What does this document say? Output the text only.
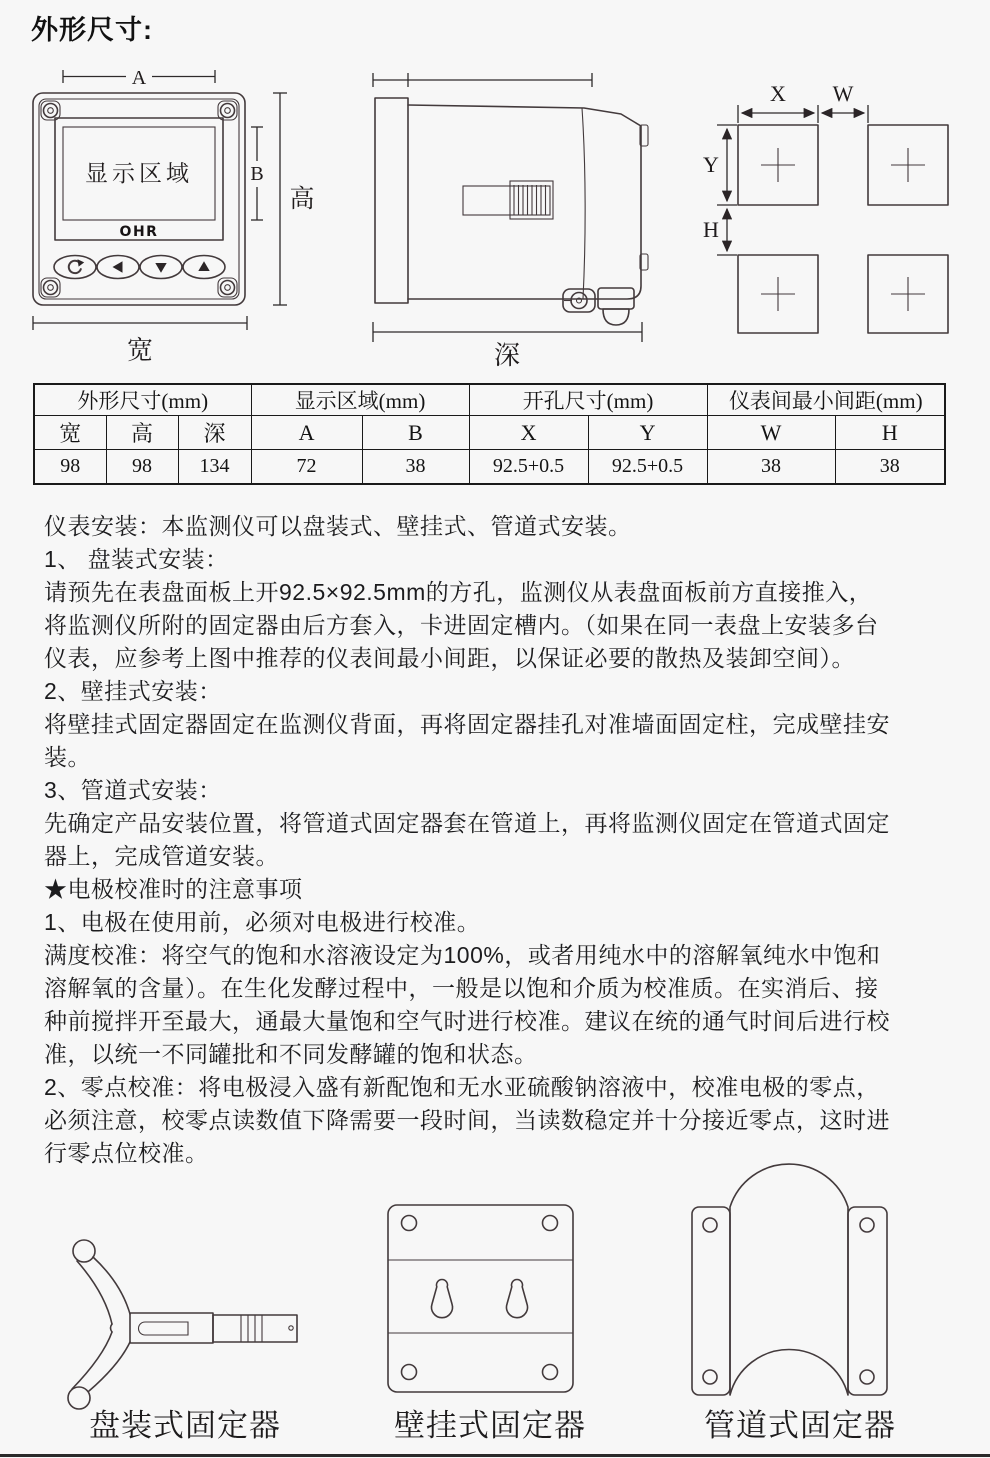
外形尺寸:
A
显示区域
OHR
B
高
宽	深
X W
Y
H
外形尺寸(mm)			显示区域(mm)		开孔尺寸(mm)		仪表间最小间距(mm)	
宽	高	深	A	B	X	Y	W	H
98	98	134	72	38	92.5+0.5	92.5+0.5	38	38
仪表安装：本监测仪可以盘装式、壁挂式、管道式安装。
1、 盘装式安装：
请预先在表盘面板上开92.5×92.5mm的方孔，监测仪从表盘面板前方直接推入，
将监测仪所附的固定器由后方套入，卡进固定槽内。（如果在同一表盘上安装多台
仪表，应参考上图中推荐的仪表间最小间距，以保证必要的散热及装卸空间）。
2、壁挂式安装：
将壁挂式固定器固定在监测仪背面，再将固定器挂孔对准墙面固定柱，完成壁挂安
装。
3、管道式安装：
先确定产品安装位置，将管道式固定器套在管道上，再将监测仪固定在管道式固定
器上，完成管道安装。
★电极校准时的注意事项
1、电极在使用前，必须对电极进行校准。
满度校准：将空气的饱和水溶液设定为100%，或者用纯水中的溶解氧纯水中饱和
溶解氧的含量）。在生化发酵过程中，一般是以饱和介质为校准质。在实消后、接
种前搅拌开至最大，通最大量饱和空气时进行校准。建议在统的通气时间后进行校
准，以统一不同罐批和不同发酵罐的饱和状态。
2、零点校准：将电极浸入盛有新配饱和无水亚硫酸钠溶液中，校准电极的零点，
必须注意，校零点读数值下降需要一段时间，当读数稳定并十分接近零点，这时进
行零点位校准。
盘装式固定器	壁挂式固定器	管道式固定器
